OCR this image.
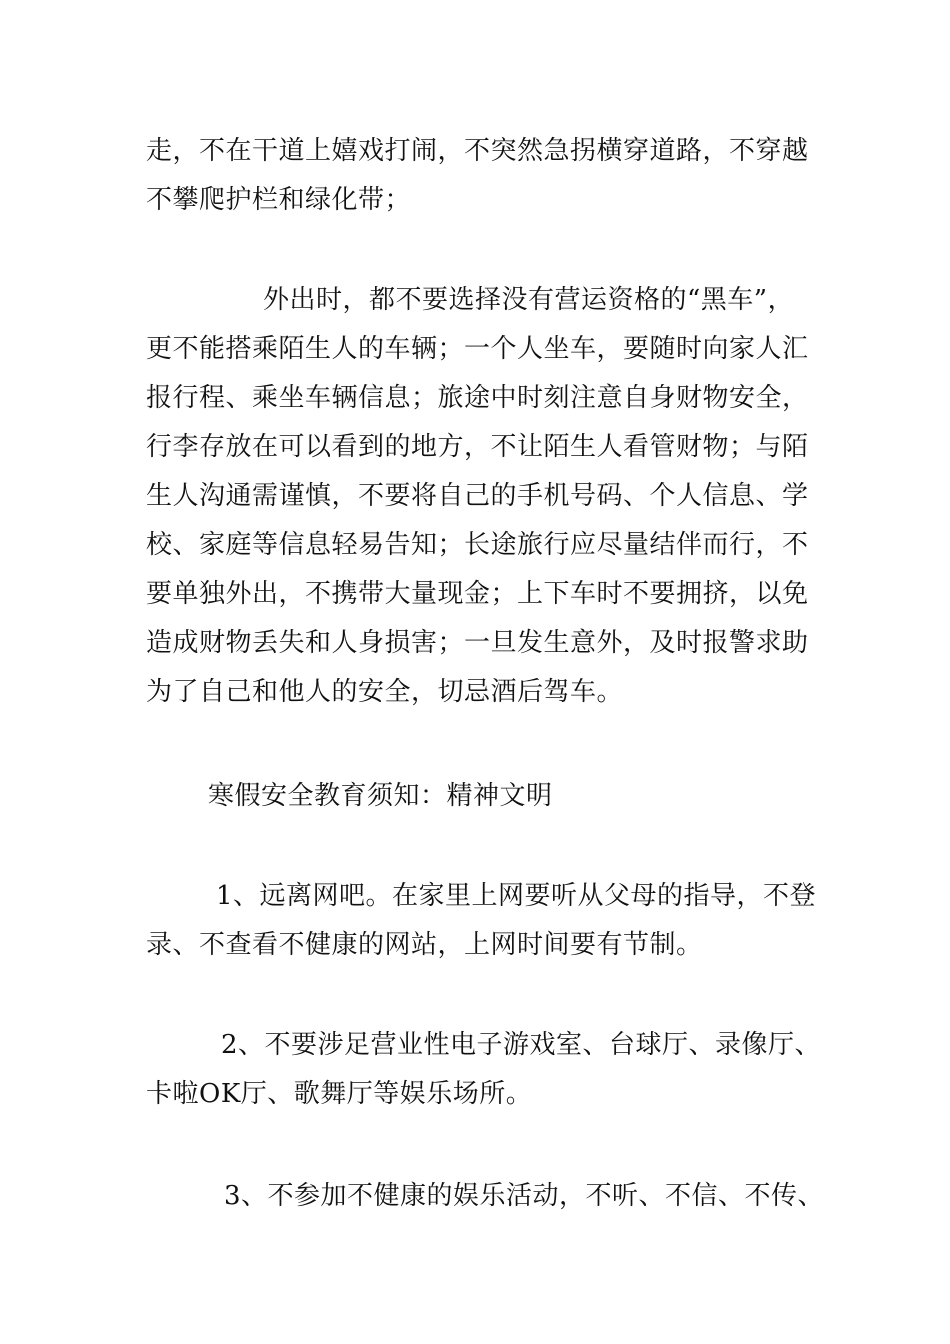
走，不在干道上嬉戏打闹，不突然急拐横穿道路，不穿越
不攀爬护栏和绿化带；
外出时，都不要选择没有营运资格的“黑车”，
更不能搭乘陌生人的车辆；一个人坐车，要随时向家人汇
报行程、乘坐车辆信息；旅途中时刻注意自身财物安全，
行李存放在可以看到的地方，不让陌生人看管财物；与陌
生人沟通需谨慎，不要将自己的手机号码、个人信息、学
校、家庭等信息轻易告知；长途旅行应尽量结伴而行，不
要单独外出，不携带大量现金；上下车时不要拥挤，以免
造成财物丢失和人身损害；一旦发生意外，及时报警求助
为了自己和他人的安全，切忌酒后驾车。
寒假安全教育须知：精神文明
1、远离网吧。在家里上网要听从父母的指导，不登
录、不查看不健康的网站，上网时间要有节制。
2、不要涉足营业性电子游戏室、台球厅、录像厅、
卡啦OK厅、歌舞厅等娱乐场所。
3、不参加不健康的娱乐活动，不听、不信、不传、
